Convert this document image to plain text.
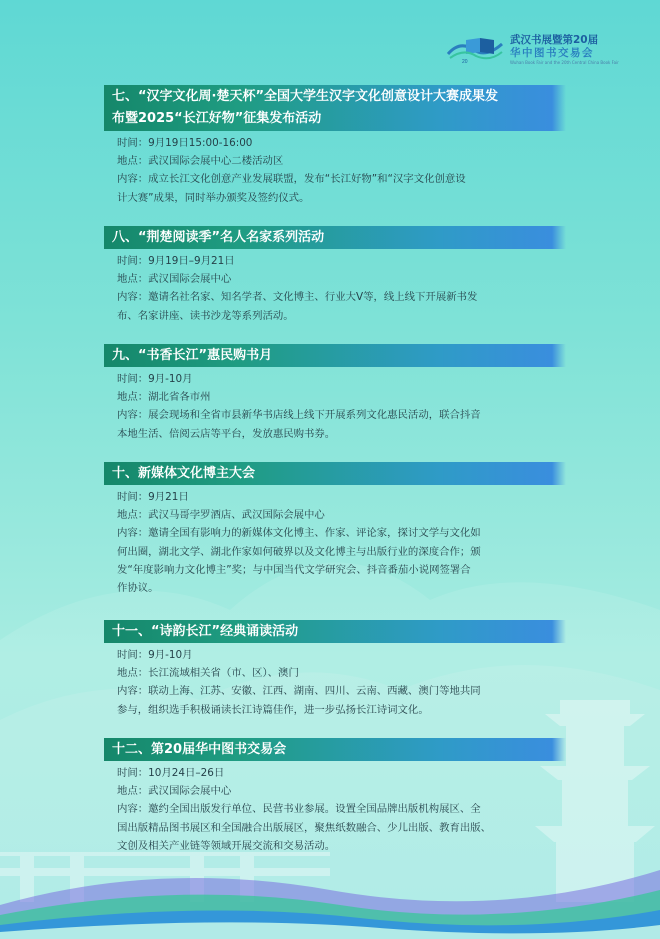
20
武汉书展暨第20届
华中图书交易会
Wuhan Book Fair and the 20th Central China Book Fair
七、“汉字文化周·楚天杯”全国大学生汉字文化创意设计大赛成果发
布暨2025“长江好物”征集发布活动
时间：9月19日15:00-16:00
地点：武汉国际会展中心二楼活动区
内容：成立长江文化创意产业发展联盟，发布“长江好物”和“汉字文化创意设
计大赛”成果，同时举办颁奖及签约仪式。
八、“荆楚阅读季”名人名家系列活动
时间：9月19日–9月21日
地点：武汉国际会展中心
内容：邀请名社名家、知名学者、文化博主、行业大V等，线上线下开展新书发
布、名家讲座、读书沙龙等系列活动。
九、“书香长江”惠民购书月
时间：9月-10月
地点：湖北省各市州
内容：展会现场和全省市县新华书店线上线下开展系列文化惠民活动，联合抖音
本地生活、倍阅云店等平台，发放惠民购书券。
十、新媒体文化博主大会
时间：9月21日
地点：武汉马哥孛罗酒店、武汉国际会展中心
内容：邀请全国有影响力的新媒体文化博主、作家、评论家，探讨文学与文化如
何出圈，湖北文学、湖北作家如何破界以及文化博主与出版行业的深度合作；颁
发“年度影响力文化博主”奖；与中国当代文学研究会、抖音番茄小说网签署合
作协议。
十一、“诗韵长江”经典诵读活动
时间：9月-10月
地点：长江流域相关省（市、区）、澳门
内容：联动上海、江苏、安徽、江西、湖南、四川、云南、西藏、澳门等地共同
参与，组织选手积极诵读长江诗篇佳作，进一步弘扬长江诗词文化。
十二、第20届华中图书交易会
时间：10月24日–26日
地点：武汉国际会展中心
内容：邀约全国出版发行单位、民营书业参展。设置全国品牌出版机构展区、全
国出版精品图书展区和全国融合出版展区，聚焦纸数融合、少儿出版、教育出版、
文创及相关产业链等领域开展交流和交易活动。
